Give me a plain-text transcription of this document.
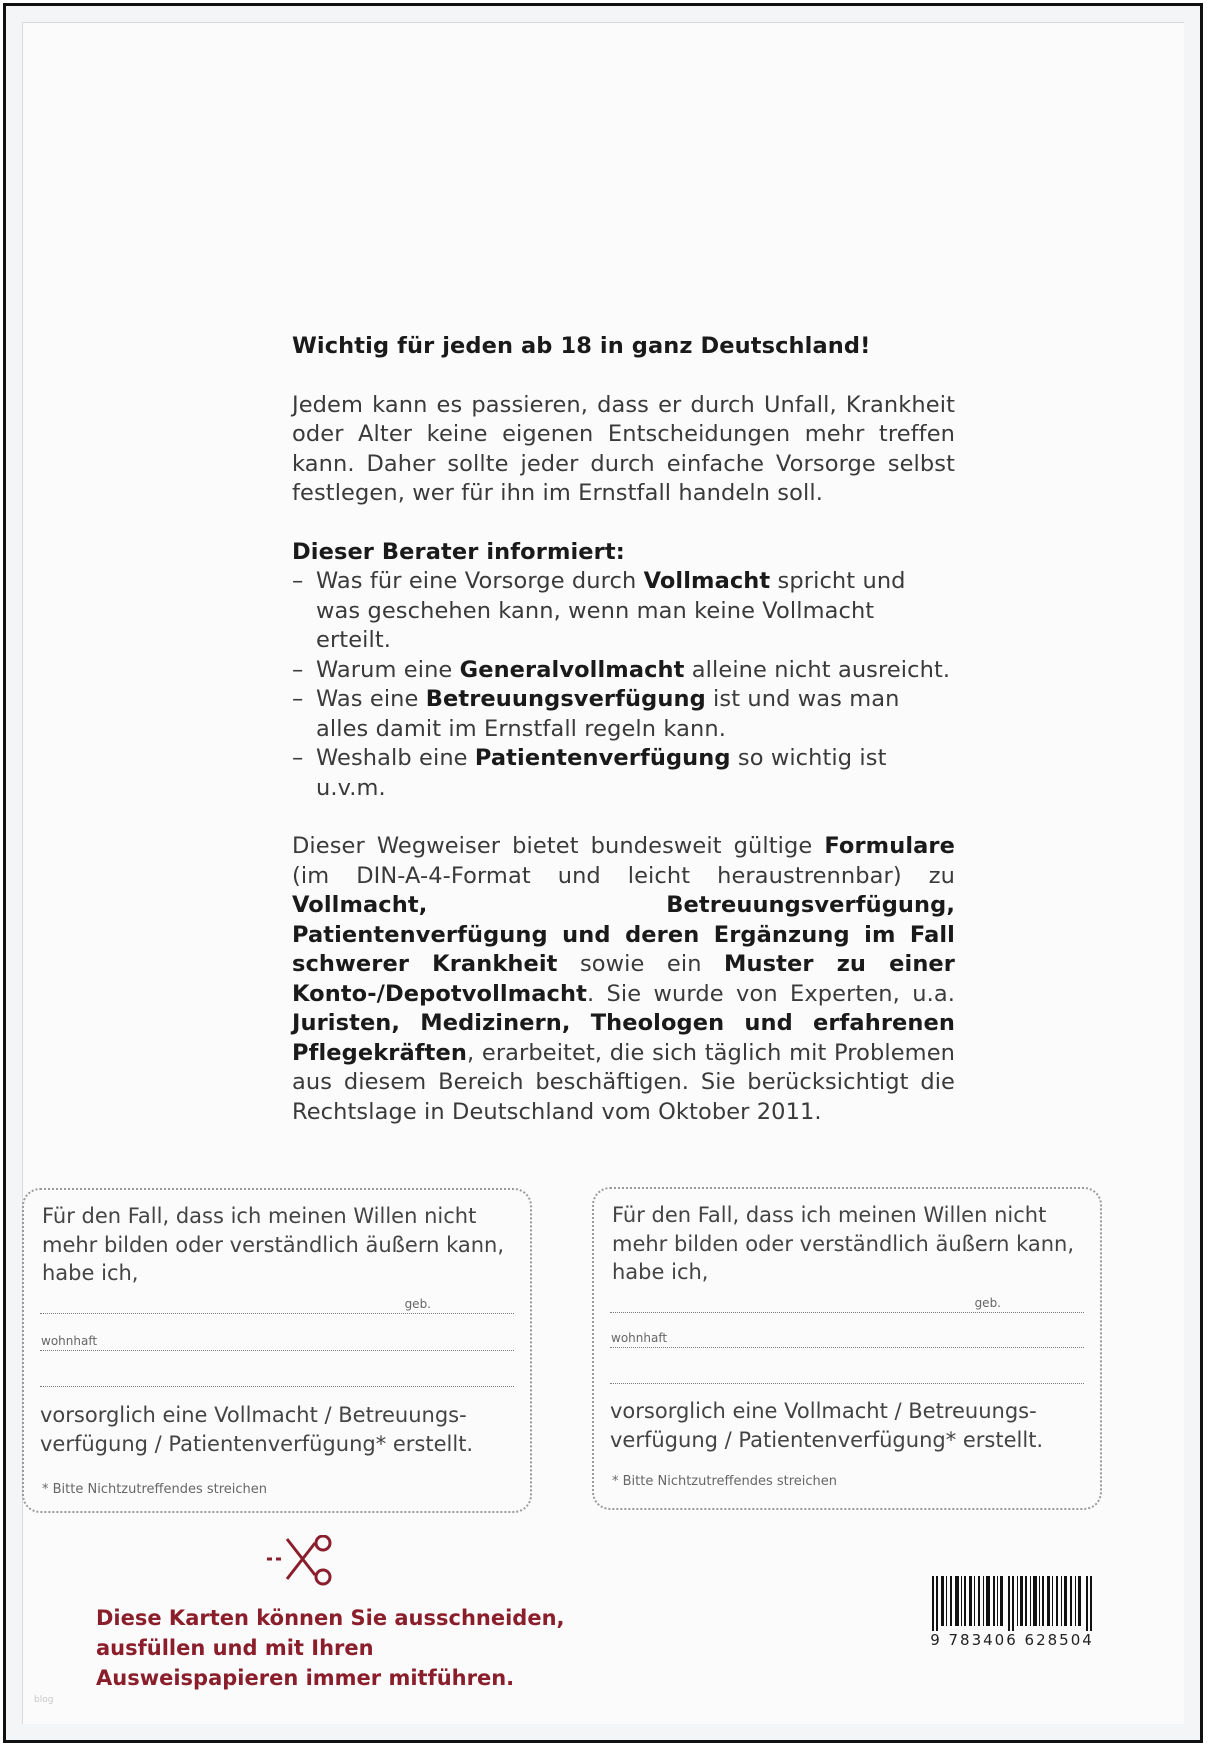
Wichtig für jeden ab 18 in ganz Deutschland!

Jedem kann es passieren, dass er durch Unfall, Krankheit oder Alter keine eigenen Entscheidungen mehr treffen kann. Daher sollte jeder durch einfache Vorsorge selbst festlegen, wer für ihn im Ernstfall handeln soll.

Dieser Berater informiert:

– Was für eine Vorsorge durch Vollmacht spricht und was geschehen kann, wenn man keine Vollmacht erteilt.
– Warum eine Generalvollmacht alleine nicht ausreicht.
– Was eine Betreuungsverfügung ist und was man alles damit im Ernstfall regeln kann.
– Weshalb eine Patientenverfügung so wichtig ist u.v.m.

Dieser Wegweiser bietet bundesweit gültige Formulare (im DIN-A-4-Format und leicht heraustrennbar) zu Vollmacht, Betreuungsverfügung, Patientenverfügung und deren Ergänzung im Fall schwerer Krankheit sowie ein Muster zu einer Konto-/Depotvollmacht. Sie wurde von Experten, u.a. Juristen, Medizinern, Theologen und erfahrenen Pflegekräften, erarbeitet, die sich täglich mit Problemen aus diesem Bereich beschäftigen. Sie berücksichtigt die Rechtslage in Deutschland vom Oktober 2011.

Für den Fall, dass ich meinen Willen nicht mehr bilden oder verständlich äußern kann, habe ich,
geb.
wohnhaft
vorsorglich eine Vollmacht / Betreuungs-
verfügung / Patientenverfügung* erstellt.
* Bitte Nichtzutreffendes streichen
Für den Fall, dass ich meinen Willen nicht mehr bilden oder verständlich äußern kann, habe ich,
geb.
wohnhaft
vorsorglich eine Vollmacht / Betreuungs-
verfügung / Patientenverfügung* erstellt.
* Bitte Nichtzutreffendes streichen
Diese Karten können Sie ausschneiden, ausfüllen und mit Ihren Ausweispapieren immer mitführen.
9 783406 628504
blog
